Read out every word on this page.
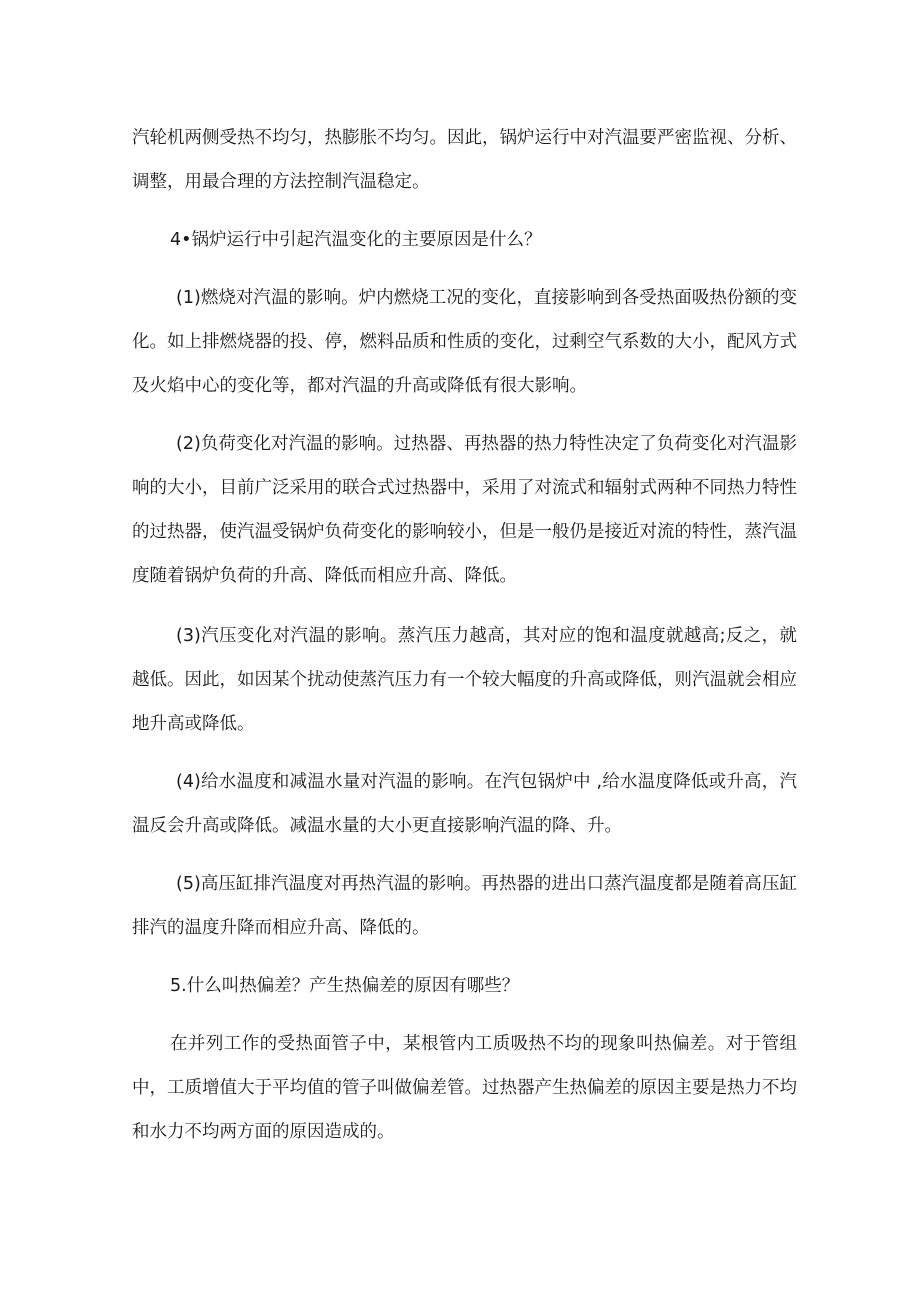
汽轮机两侧受热不均匀，热膨胀不均匀。因此，锅炉运行中对汽温要严密监视、分析、调整，用最合理的方法控制汽温稳定。

4•锅炉运行中引起汽温变化的主要原因是什么？

(1)燃烧对汽温的影响。炉内燃烧工况的变化，直接影响到各受热面吸热份额的变化。如上排燃烧器的投、停，燃料品质和性质的变化，过剩空气系数的大小，配风方式及火焰中心的变化等，都对汽温的升高或降低有很大影响。

(2)负荷变化对汽温的影响。过热器、再热器的热力特性决定了负荷变化对汽温影响的大小，目前广泛采用的联合式过热器中，采用了对流式和辐射式两种不同热力特性的过热器，使汽温受锅炉负荷变化的影响较小，但是一般仍是接近对流的特性，蒸汽温度随着锅炉负荷的升高、降低而相应升高、降低。

(3)汽压变化对汽温的影响。蒸汽压力越高，其对应的饱和温度就越高;反之，就越低。因此，如因某个扰动使蒸汽压力有一个较大幅度的升高或降低，则汽温就会相应地升高或降低。

(4)给水温度和减温水量对汽温的影响。在汽包锅炉中 ,给水温度降低或升高，汽温反会升高或降低。减温水量的大小更直接影响汽温的降、升。

(5)高压缸排汽温度对再热汽温的影响。再热器的进出口蒸汽温度都是随着高压缸排汽的温度升降而相应升高、降低的。

5.什么叫热偏差？产生热偏差的原因有哪些？

在并列工作的受热面管子中，某根管内工质吸热不均的现象叫热偏差。对于管组中，工质增值大于平均值的管子叫做偏差管。过热器产生热偏差的原因主要是热力不均和水力不均两方面的原因造成的。
